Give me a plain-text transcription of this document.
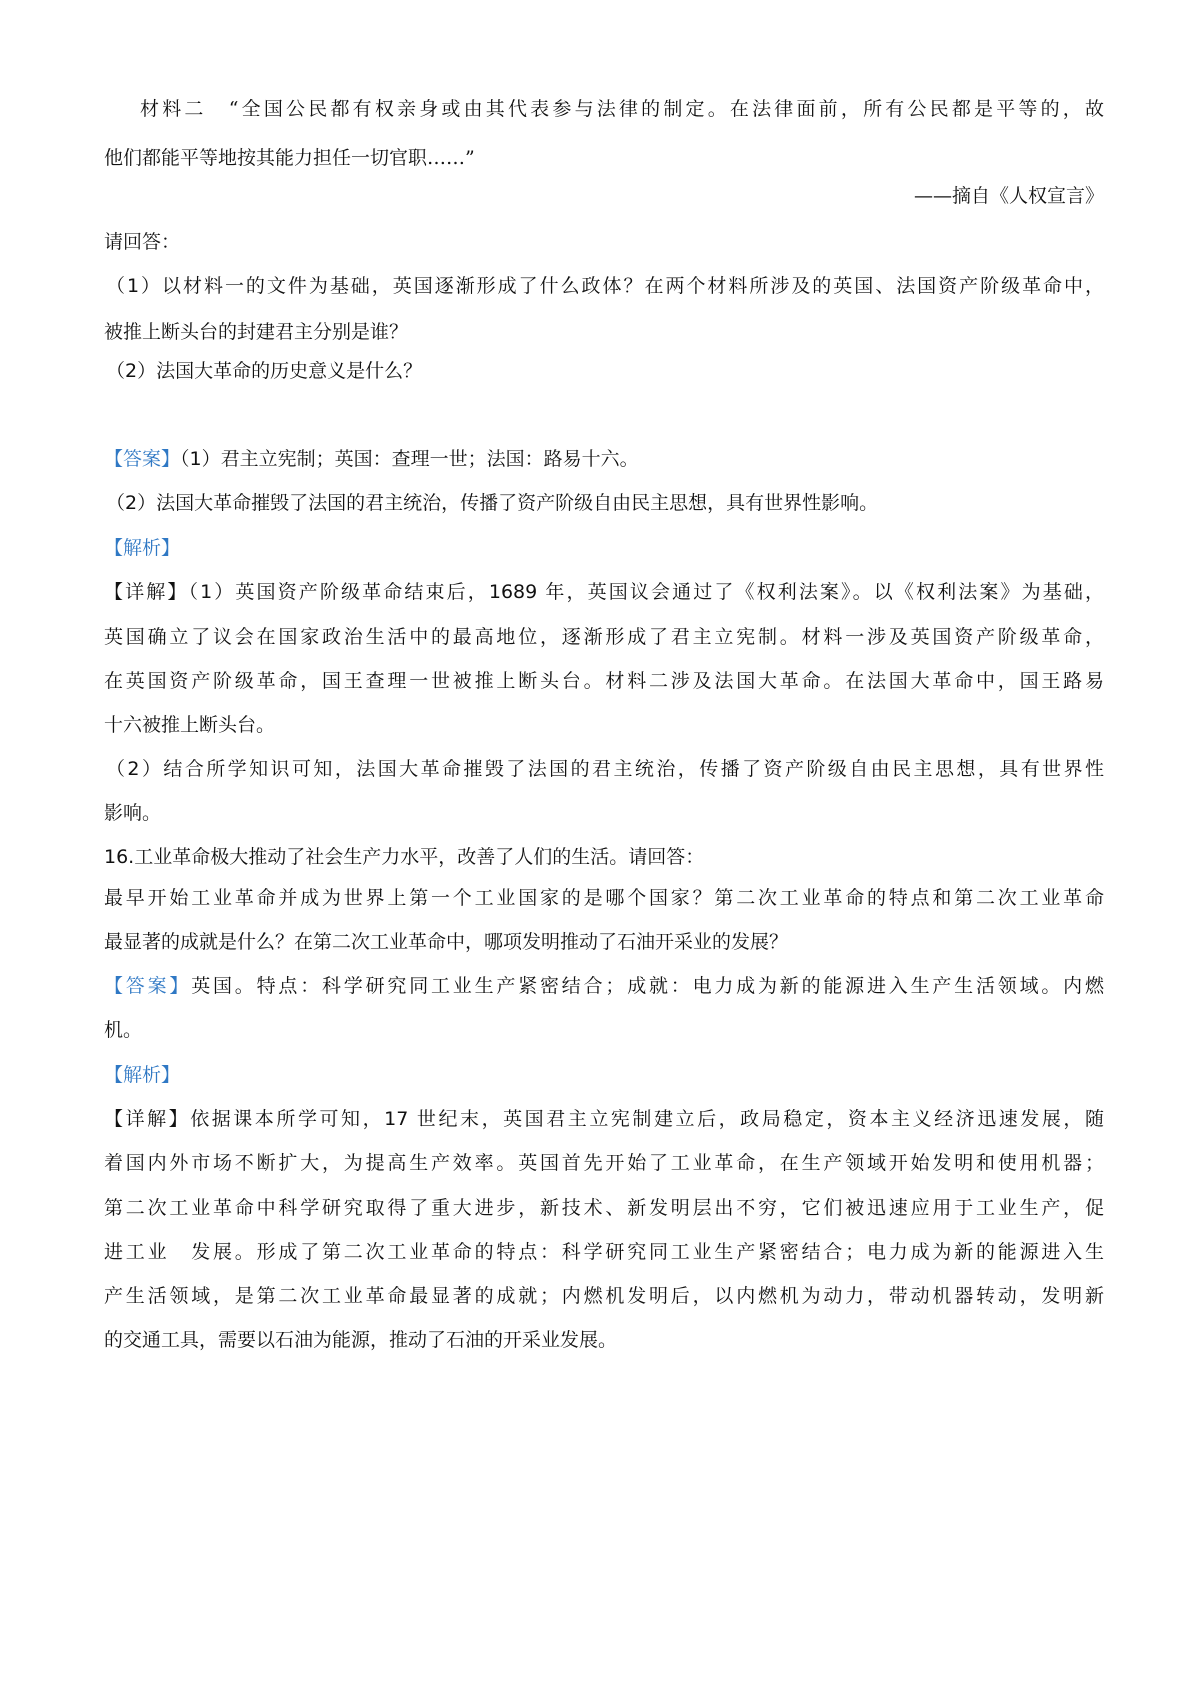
材料二　“全国公民都有权亲身或由其代表参与法律的制定。在法律面前，所有公民都是平等的，故
他们都能平等地按其能力担任一切官职……”
——摘自《人权宣言》
请回答：
（1）以材料一的文件为基础，英国逐渐形成了什么政体？在两个材料所涉及的英国、法国资产阶级革命中，
被推上断头台的封建君主分别是谁？
（2）法国大革命的历史意义是什么？
【答案】（1）君主立宪制；英国：查理一世；法国：路易十六。
（2）法国大革命摧毁了法国的君主统治，传播了资产阶级自由民主思想，具有世界性影响。
【解析】
【详解】（1）英国资产阶级革命结束后，1689 年，英国议会通过了《权利法案》。以《权利法案》为基础，
英国确立了议会在国家政治生活中的最高地位，逐渐形成了君主立宪制。材料一涉及英国资产阶级革命，
在英国资产阶级革命，国王查理一世被推上断头台。材料二涉及法国大革命。在法国大革命中，国王路易
十六被推上断头台。
（2）结合所学知识可知，法国大革命摧毁了法国的君主统治，传播了资产阶级自由民主思想，具有世界性
影响。
16.工业革命极大推动了社会生产力水平，改善了人们的生活。请回答：
最早开始工业革命并成为世界上第一个工业国家的是哪个国家？第二次工业革命的特点和第二次工业革命
最显著的成就是什么？在第二次工业革命中，哪项发明推动了石油开采业的发展？
【答案】英国。特点：科学研究同工业生产紧密结合；成就：电力成为新的能源进入生产生活领域。内燃
机。
【解析】
【详解】依据课本所学可知，17 世纪末，英国君主立宪制建立后，政局稳定，资本主义经济迅速发展，随
着国内外市场不断扩大，为提高生产效率。英国首先开始了工业革命，在生产领域开始发明和使用机器；
第二次工业革命中科学研究取得了重大进步，新技术、新发明层出不穷，它们被迅速应用于工业生产，促
进工业　发展。形成了第二次工业革命的特点：科学研究同工业生产紧密结合；电力成为新的能源进入生
产生活领域，是第二次工业革命最显著的成就；内燃机发明后，以内燃机为动力，带动机器转动，发明新
的交通工具，需要以石油为能源，推动了石油的开采业发展。
